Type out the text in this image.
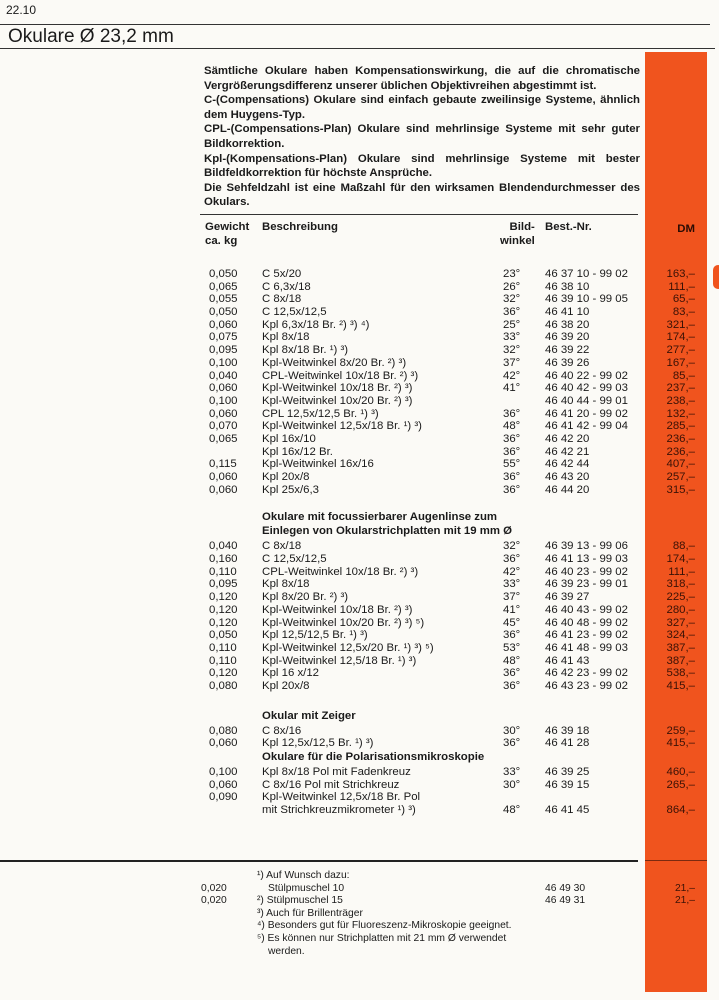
22.10
Okulare Ø 23,2 mm

Sämtliche Okulare haben Kompensationswirkung, die auf die chromatische Vergrößerungsdifferenz unserer üblichen Objektivreihen abgestimmt ist.

C-(Compensations) Okulare sind einfach gebaute zweilinsige Systeme, ähnlich dem Huygens-Typ.

CPL-(Compensations-Plan) Okulare sind mehrlinsige Systeme mit sehr guter Bildkorrektion.

Kpl-(Kompensations-Plan) Okulare sind mehrlinsige Systeme mit bester Bildfeldkorrektion für höchste Ansprüche.

Die Sehfeldzahl ist eine Maßzahl für den wirksamen Blendendurchmesser des Okulars.

Gewicht
ca. kg
Beschreibung	Bild-
winkel
Best.-Nr.	DM
0,050 C 5x/20	23° 46 37 10 - 99 02	163,–
0,065 C 6,3x/18	26° 46 38 10	111,–
0,055 C 8x/18	32° 46 39 10 - 99 05	65,–
0,050 C 12,5x/12,5	36° 46 41 10	83,–
0,060 Kpl 6,3x/18 Br. ²) ³) ⁴)	25° 46 38 20	321,–
0,075 Kpl 8x/18	33° 46 39 20	174,–
0,095 Kpl 8x/18 Br. ¹) ³)	32° 46 39 22	277,–
0,100 Kpl-Weitwinkel 8x/20 Br. ²) ³)	37° 46 39 26	167,–
0,040 CPL-Weitwinkel 10x/18 Br. ²) ³)	42° 46 40 22 - 99 02	85,–
0,060 Kpl-Weitwinkel 10x/18 Br. ²) ³)	41° 46 40 42 - 99 03	237,–
0,100 Kpl-Weitwinkel 10x/20 Br. ²) ³)	46 40 44 - 99 01	238,–
0,060 CPL 12,5x/12,5 Br. ¹) ³)	36° 46 41 20 - 99 02	132,–
0,070 Kpl-Weitwinkel 12,5x/18 Br. ¹) ³)	48° 46 41 42 - 99 04	285,–
0,065 Kpl 16x/10	36° 46 42 20	236,–
Kpl 16x/12 Br.	36° 46 42 21	236,–
0,115 Kpl-Weitwinkel 16x/16	55° 46 42 44	407,–
0,060 Kpl 20x/8	36° 46 43 20	257,–
0,060 Kpl 25x/6,3	36° 46 44 20	315,–
Okulare mit focussierbarer Augenlinse zum
Einlegen von Okularstrichplatten mit 19 mm Ø
0,040 C 8x/18	32° 46 39 13 - 99 06	88,–
0,160 C 12,5x/12,5	36° 46 41 13 - 99 03	174,–
0,110 CPL-Weitwinkel 10x/18 Br. ²) ³)	42° 46 40 23 - 99 02	111,–
0,095 Kpl 8x/18	33° 46 39 23 - 99 01	318,–
0,120 Kpl 8x/20 Br. ²) ³)	37° 46 39 27	225,–
0,120 Kpl-Weitwinkel 10x/18 Br. ²) ³)	41° 46 40 43 - 99 02	280,–
0,120 Kpl-Weitwinkel 10x/20 Br. ²) ³) ⁵)	45° 46 40 48 - 99 02	327,–
0,050 Kpl 12,5/12,5 Br. ¹) ³)	36° 46 41 23 - 99 02	324,–
0,110 Kpl-Weitwinkel 12,5x/20 Br. ¹) ³) ⁵)	53° 46 41 48 - 99 03	387,–
0,110 Kpl-Weitwinkel 12,5/18 Br. ¹) ³)	48° 46 41 43	387,–
0,120 Kpl 16 x/12	36° 46 42 23 - 99 02	538,–
0,080 Kpl 20x/8	36° 46 43 23 - 99 02	415,–
Okular mit Zeiger
0,080 C 8x/16	30° 46 39 18	259,–
0,060 Kpl 12,5x/12,5 Br. ¹) ³)	36° 46 41 28	415,–
Okulare für die Polarisationsmikroskopie
0,100 Kpl 8x/18 Pol mit Fadenkreuz	33° 46 39 25	460,–
0,060 C 8x/16 Pol mit Strichkreuz	30° 46 39 15	265,–
0,090 Kpl-Weitwinkel 12,5x/18 Br. Pol
mit Strichkreuzmikrometer ¹) ³)	48° 46 41 45	864,–
¹) Auf Wunsch dazu:
0,020	Stülpmuschel 10	46 49 30	21,–
0,020	²) Stülpmuschel 15	46 49 31	21,–
³) Auch für Brillenträger
⁴) Besonders gut für Fluoreszenz-Mikroskopie geeignet.
⁵) Es können nur Strichplatten mit 21 mm Ø verwendet
werden.
